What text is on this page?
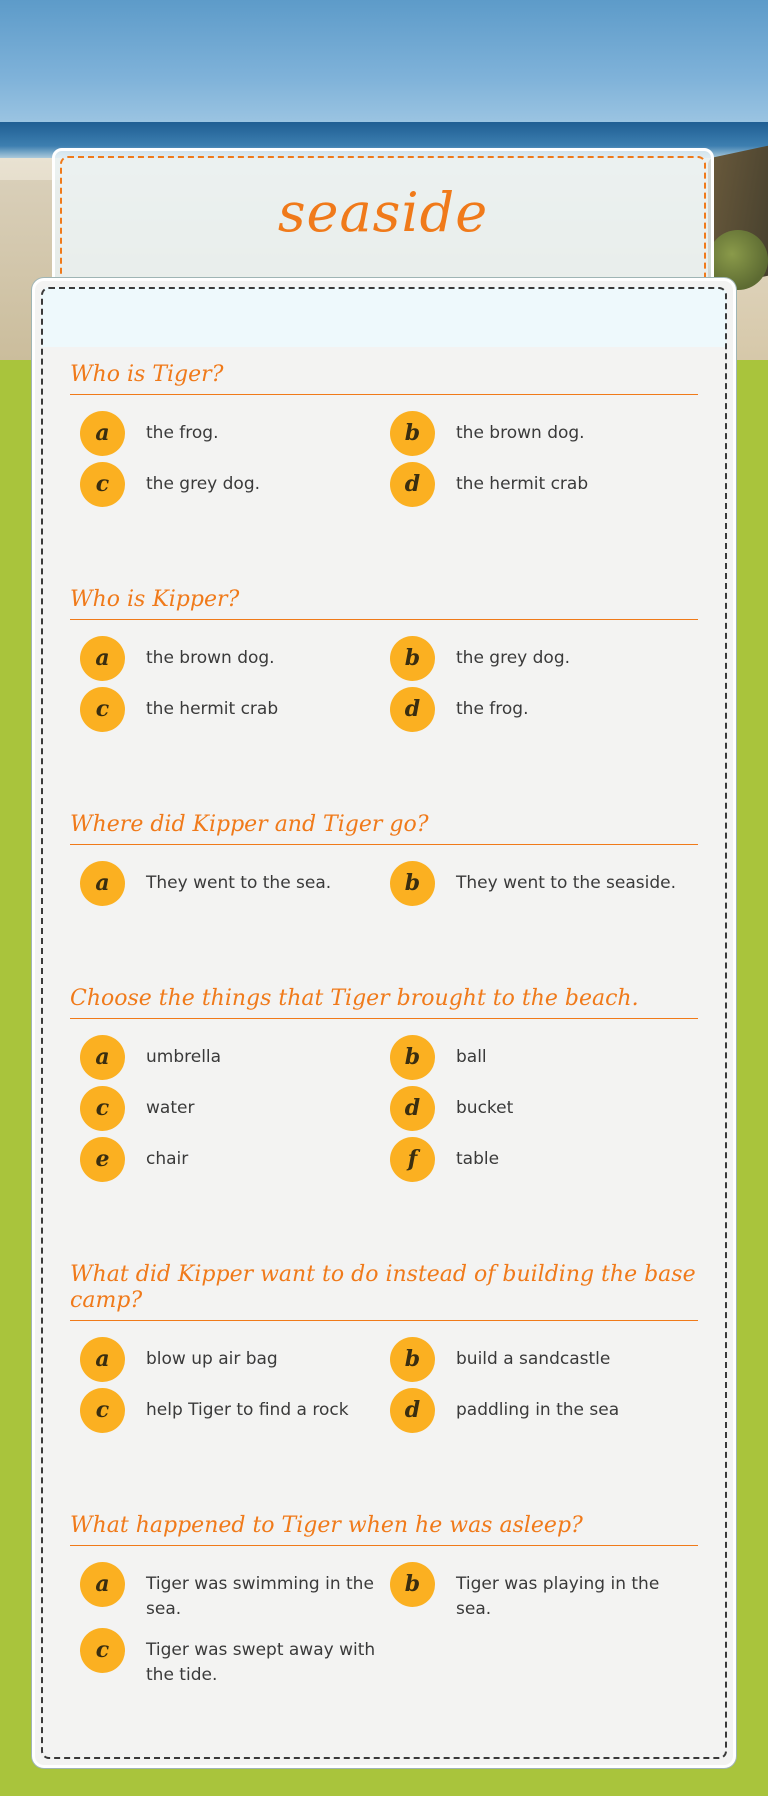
seaside
Who is Tiger?
a	the frog.	b	the brown dog.
c	the grey dog.	d	the hermit crab
Who is Kipper?
a	the brown dog.	b	the grey dog.
c	the hermit crab	d	the frog.
Where did Kipper and Tiger go?
a	They went to the sea.	b	They went to the seaside.
Choose the things that Tiger brought to the beach.
a	umbrella	b	ball
c	water	d	bucket
e	chair	f	table
What did Kipper want to do instead of building the base camp?
a	blow up air bag	b	build a sandcastle
c	help Tiger to find a rock	d	paddling in the sea
What happened to Tiger when he was asleep?
a	Tiger was swimming in the sea.
b	Tiger was playing in the sea.
c	Tiger was swept away with the tide.
